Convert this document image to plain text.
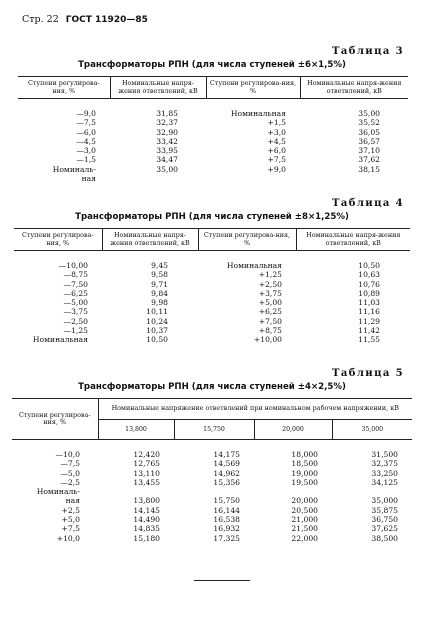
Стр. 22 ГОСТ 11920—85
Таблица 3
Трансформаторы РПН (для числа ступеней ±6×1,5%)
Ступени регулирова-ния, %	Номинальные напря-жения ответвлений, кВ	Ступени регулирова-ния, %	Номинальные напря-жения ответвлений, кВ
—9,0	31,85	Номинальная	35,00
—7,5	32,37	+1,5	35,52
—6,0	32,90	+3,0	36,05
—4,5	33,42	+4,5	36,57
—3,0	33,95	+6,0	37,10
—1,5	34,47	+7,5	37,62
Номиналь-	35,00	+9,0	38,15
ная			
Таблица 4
Трансформаторы РПН (для числа ступеней ±8×1,25%)
Ступени регулирова-ния, %	Номинальные напря-жения ответвлений, кВ	Ступени регулирова-ния, %	Номинальные напря-жения ответвлений, кВ
—10,00	9,45	Номинальная	10,50
—8,75	9,58	+1,25	10,63
—7,50	9,71	+2,50	10,76
—6,25	9,84	+3,75	10,89
—5,00	9,98	+5,00	11,03
—3,75	10,11	+6,25	11,16
—2,50	10,24	+7,50	11,29
—1,25	10,37	+8,75	11,42
Номинальная	10,50	+10,00	11,55
Таблица 5
Трансформаторы РПН (для числа ступеней ±4×2,5%)
Ступени регулирова-ния, %	Номинальные напряжение ответвлений при номинальном рабочем напряжении, кВ			
	13,800	15,750	20,000	35,000
—10,0	12,420	14,175	18,000	31,500
—7,5	12,765	14,569	18,500	32,375
—5,0	13,110	14,962	19,000	33,250
—2,5	13,455	15,356	19,500	34,125
Номиналь-				
ная	13,800	15,750	20,000	35,000
+2,5	14,145	16,144	20,500	35,875
+5,0	14,490	16,538	21,000	36,750
+7,5	14,835	16,932	21,500	37,625
+10,0	15,180	17,325	22,000	38,500
